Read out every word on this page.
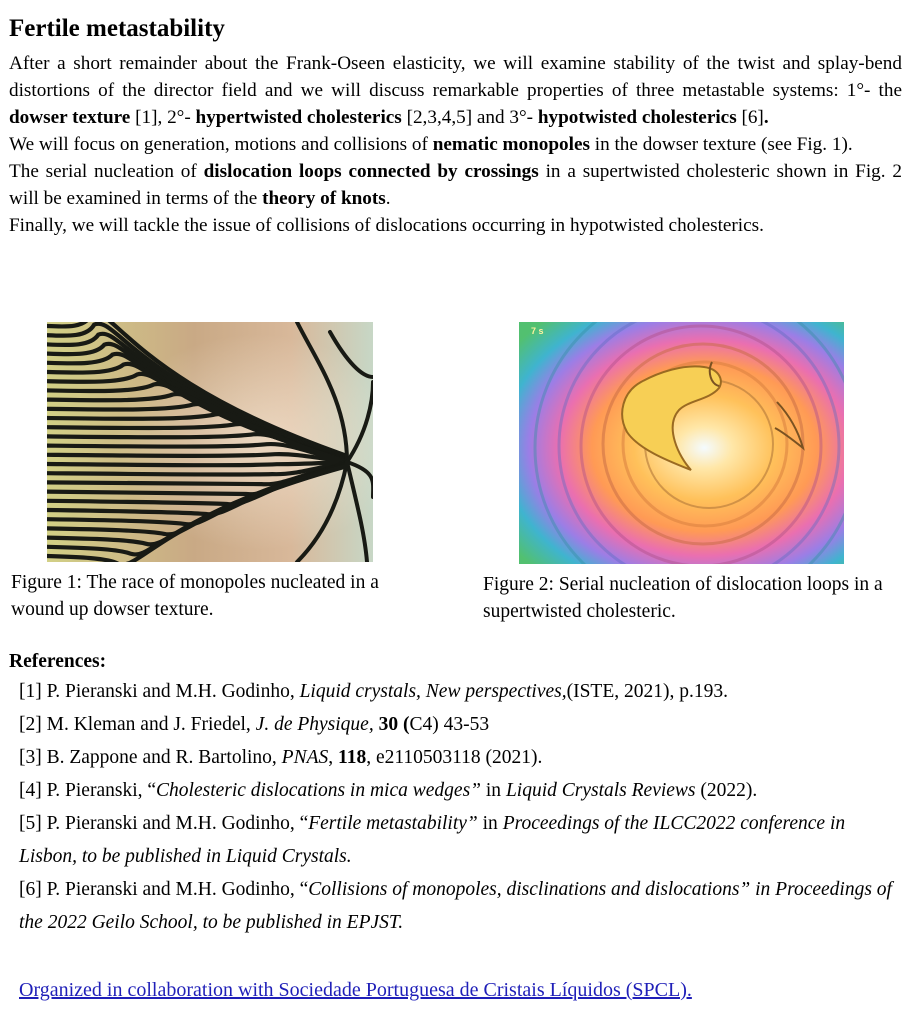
Fertile metastability

After a short remainder about the Frank-Oseen elasticity, we will examine stability of the twist and splay-bend distortions of the director field and we will discuss remarkable properties of three metastable systems: 1°- the dowser texture [1], 2°- hypertwisted cholesterics [2,3,4,5] and 3°- hypotwisted cholesterics [6].

We will focus on generation, motions and collisions of nematic monopoles in the dowser texture (see Fig. 1).

The serial nucleation of dislocation loops connected by crossings in a supertwisted cholesteric shown in Fig. 2 will be examined in terms of the theory of knots.

Finally, we will tackle the issue of collisions of dislocations occurring in hypotwisted cholesterics.

7 s

Figure 1: The race of monopoles nucleated in a wound up dowser texture.

Figure 2: Serial nucleation of dislocation loops in a supertwisted cholesteric.

References:

[1] P. Pieranski and M.H. Godinho, Liquid crystals, New perspectives,(ISTE, 2021), p.193.

[2] M. Kleman and J. Friedel, J. de Physique, 30 (C4) 43-53

[3] B. Zappone and R. Bartolino, PNAS, 118, e2110503118 (2021).

[4] P. Pieranski, “Cholesteric dislocations in mica wedges” in Liquid Crystals Reviews (2022).

[5] P. Pieranski and M.H. Godinho, “Fertile metastability” in Proceedings of the ILCC2022 conference in Lisbon, to be published in Liquid Crystals.

[6] P. Pieranski and M.H. Godinho, “Collisions of monopoles, disclinations and dislocations” in Proceedings of the 2022 Geilo School, to be published in EPJST.

Organized in collaboration with Sociedade Portuguesa de Cristais Líquidos (SPCL).
